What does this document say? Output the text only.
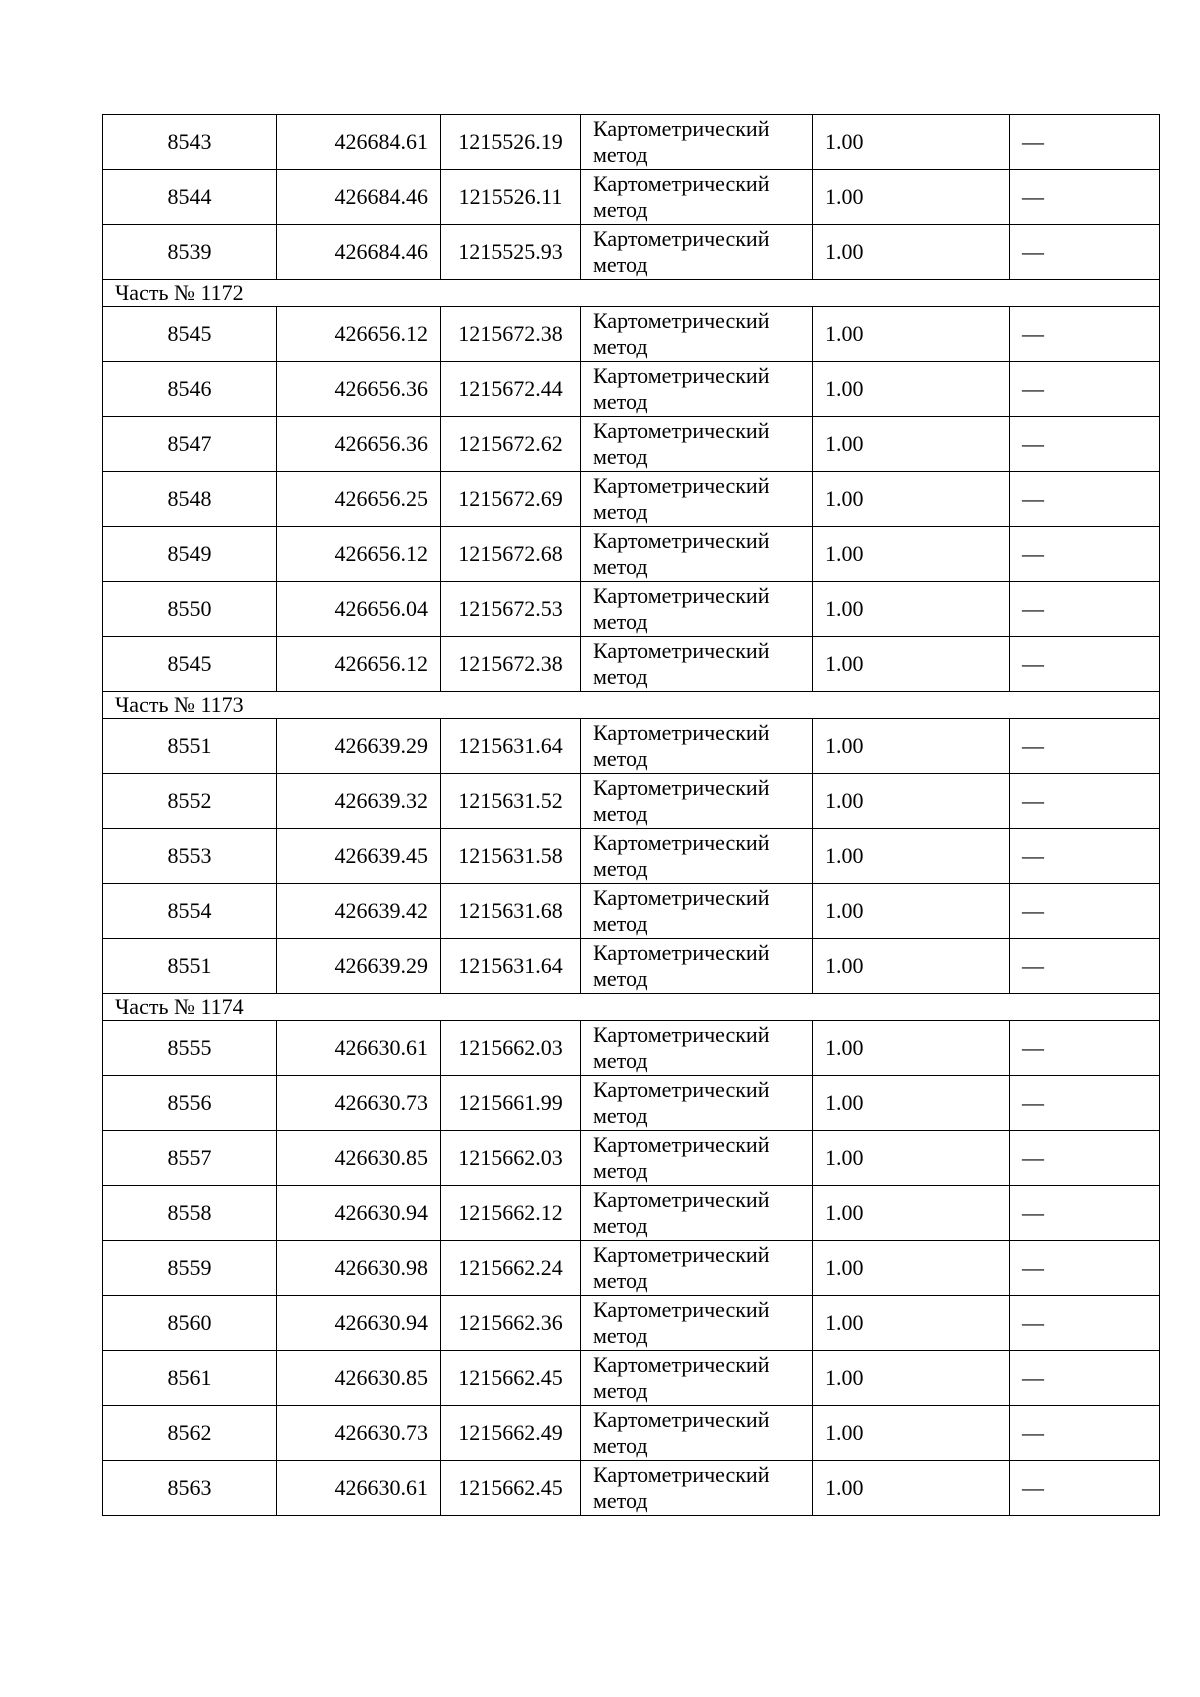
8543	426684.61	1215526.19	Картометрический
метод	1.00	—
8544	426684.46	1215526.11	Картометрический
метод	1.00	—
8539	426684.46	1215525.93	Картометрический
метод	1.00	—
Часть № 1172					
8545	426656.12	1215672.38	Картометрический
метод	1.00	—
8546	426656.36	1215672.44	Картометрический
метод	1.00	—
8547	426656.36	1215672.62	Картометрический
метод	1.00	—
8548	426656.25	1215672.69	Картометрический
метод	1.00	—
8549	426656.12	1215672.68	Картометрический
метод	1.00	—
8550	426656.04	1215672.53	Картометрический
метод	1.00	—
8545	426656.12	1215672.38	Картометрический
метод	1.00	—
Часть № 1173					
8551	426639.29	1215631.64	Картометрический
метод	1.00	—
8552	426639.32	1215631.52	Картометрический
метод	1.00	—
8553	426639.45	1215631.58	Картометрический
метод	1.00	—
8554	426639.42	1215631.68	Картометрический
метод	1.00	—
8551	426639.29	1215631.64	Картометрический
метод	1.00	—
Часть № 1174					
8555	426630.61	1215662.03	Картометрический
метод	1.00	—
8556	426630.73	1215661.99	Картометрический
метод	1.00	—
8557	426630.85	1215662.03	Картометрический
метод	1.00	—
8558	426630.94	1215662.12	Картометрический
метод	1.00	—
8559	426630.98	1215662.24	Картометрический
метод	1.00	—
8560	426630.94	1215662.36	Картометрический
метод	1.00	—
8561	426630.85	1215662.45	Картометрический
метод	1.00	—
8562	426630.73	1215662.49	Картометрический
метод	1.00	—
8563	426630.61	1215662.45	Картометрический
метод	1.00	—
